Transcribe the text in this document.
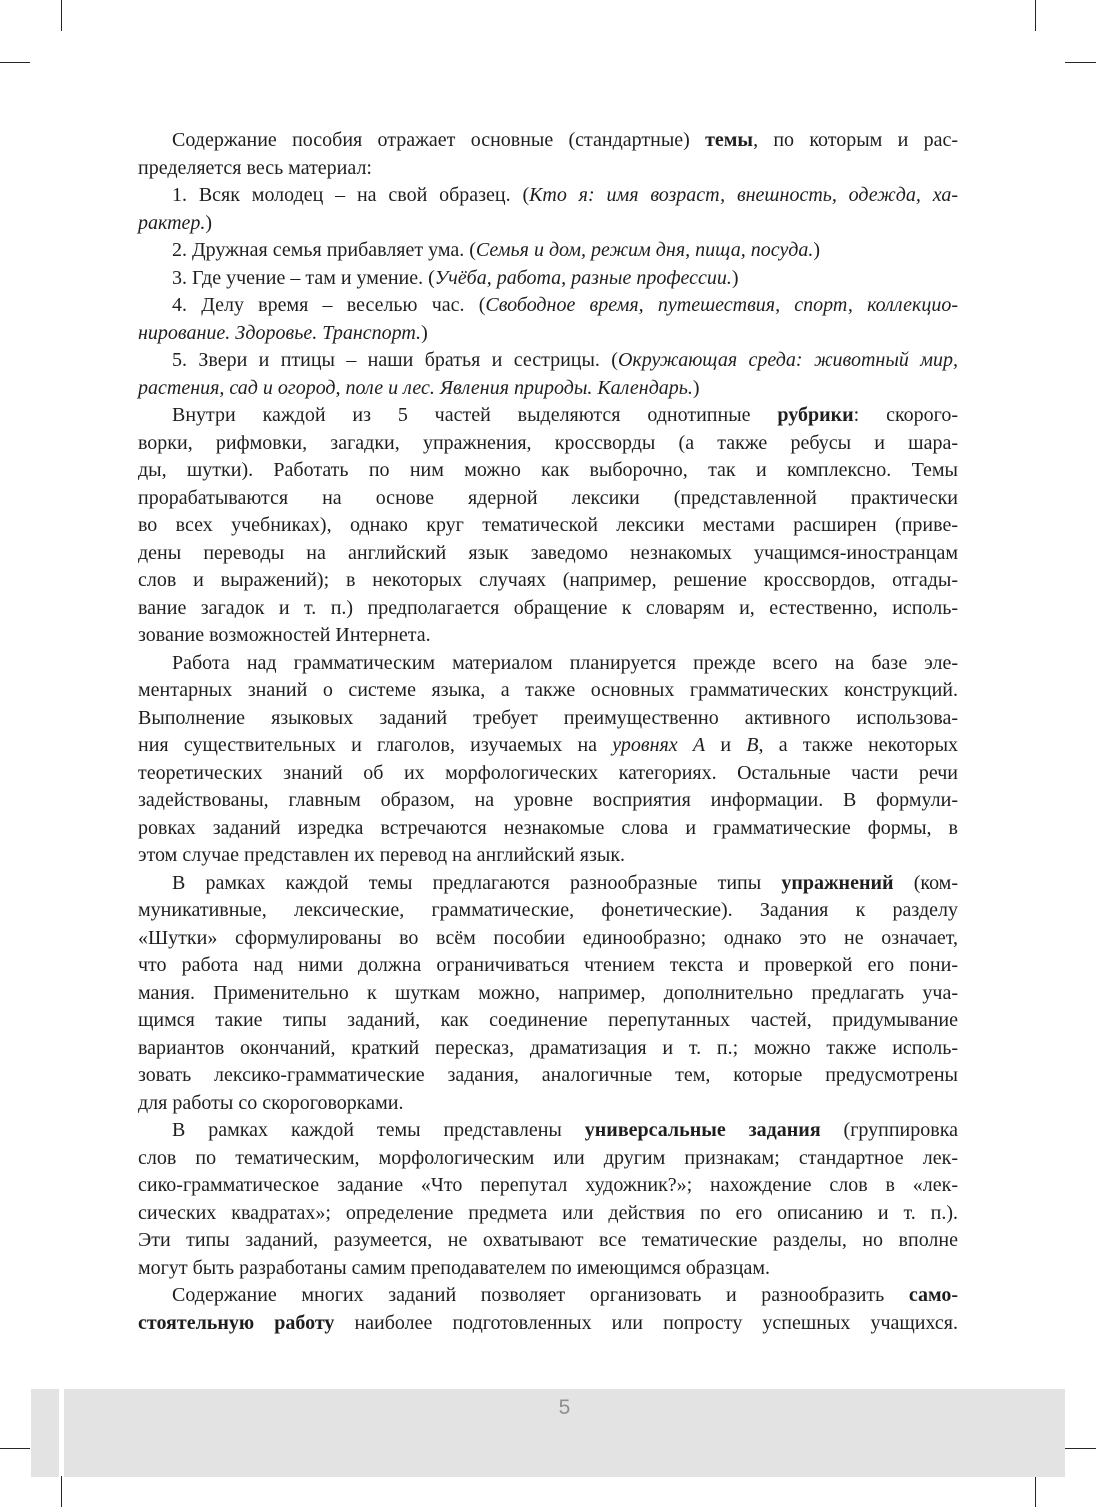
Содержание пособия отражает основные (стандартные) темы, по которым и рас-
пределяется весь материал:
1. Всяк молодец – на свой образец. (Кто я: имя возраст, внешность, одежда, ха-
рактер.)
2. Дружная семья прибавляет ума. (Семья и дом, режим дня, пища, посуда.)
3. Где учение – там и умение. (Учёба, работа, разные профессии.)
4. Делу время – веселью час. (Свободное время, путешествия, спорт, коллекцио-
нирование. Здоровье. Транспорт.)
5. Звери и птицы – наши братья и сестрицы. (Окружающая среда: животный мир,
растения, сад и огород, поле и лес. Явления природы. Календарь.)
Внутри каждой из 5 частей выделяются однотипные рубрики: скорого-
ворки, рифмовки, загадки, упражнения, кроссворды (а также ребусы и шара-
ды, шутки). Работать по ним можно как выборочно, так и комплексно. Темы
прорабатываются на основе ядерной лексики (представленной практически
во всех учебниках), однако круг тематической лексики местами расширен (приве-
дены переводы на английский язык заведомо незнакомых учащимся-иностранцам
слов и выражений); в некоторых случаях (например, решение кроссвордов, отгады-
вание загадок и т. п.) предполагается обращение к словарям и, естественно, исполь-
зование возможностей Интернета.
Работа над грамматическим материалом планируется прежде всего на базе эле-
ментарных знаний о системе языка, а также основных грамматических конструкций.
Выполнение языковых заданий требует преимущественно активного использова-
ния существительных и глаголов, изучаемых на уровнях А и В, а также некоторых
теоретических знаний об их морфологических категориях. Остальные части речи
задействованы, главным образом, на уровне восприятия информации. В формули-
ровках заданий изредка встречаются незнакомые слова и грамматические формы, в
этом случае представлен их перевод на английский язык.
В рамках каждой темы предлагаются разнообразные типы упражнений (ком-
муникативные, лексические, грамматические, фонетические). Задания к разделу
«Шутки» сформулированы во всём пособии единообразно; однако это не означает,
что работа над ними должна ограничиваться чтением текста и проверкой его пони-
мания. Применительно к шуткам можно, например, дополнительно предлагать уча-
щимся такие типы заданий, как соединение перепутанных частей, придумывание
вариантов окончаний, краткий пересказ, драматизация и т. п.; можно также исполь-
зовать лексико-грамматические задания, аналогичные тем, которые предусмотрены
для работы со скороговорками.
В рамках каждой темы представлены универсальные задания (группировка
слов по тематическим, морфологическим или другим признакам; стандартное лек-
сико-грамматическое задание «Что перепутал художник?»; нахождение слов в «лек-
сических квадратах»; определение предмета или действия по его описанию и т. п.).
Эти типы заданий, разумеется, не охватывают все тематические разделы, но вполне
могут быть разработаны самим преподавателем по имеющимся образцам.
Содержание многих заданий позволяет организовать и разнообразить само-
стоятельную работу наиболее подготовленных или попросту успешных учащихся.
5
